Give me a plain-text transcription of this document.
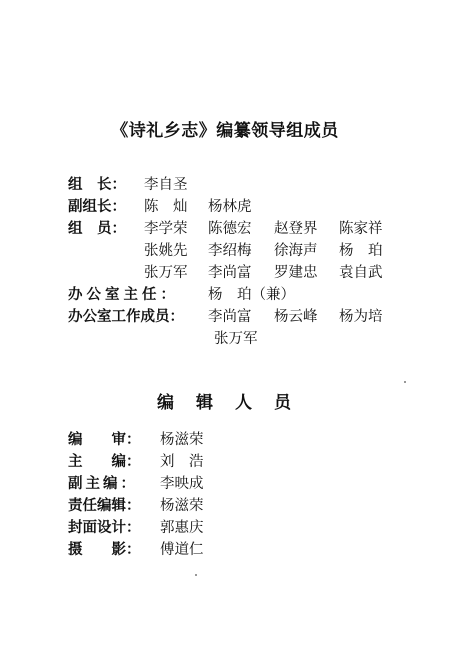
《诗礼乡志》编纂领导组成员
组　长： 李自圣
副组长： 陈　灿 杨林虎
组　员： 李学荣 陈德宏 赵登界 陈家祥
张姚先 李绍梅 徐海声 杨　珀
张万军 李尚富 罗建忠 袁自武
办公室主任： 杨　珀（兼）
办公室工作成员： 李尚富 杨云峰 杨为培
张万军
编辑人员
编　　审： 杨滋荣
主　　编： 刘　浩
副主编： 李映成
责任编辑： 杨滋荣
封面设计： 郭惠庆
摄　　影： 傅道仁
